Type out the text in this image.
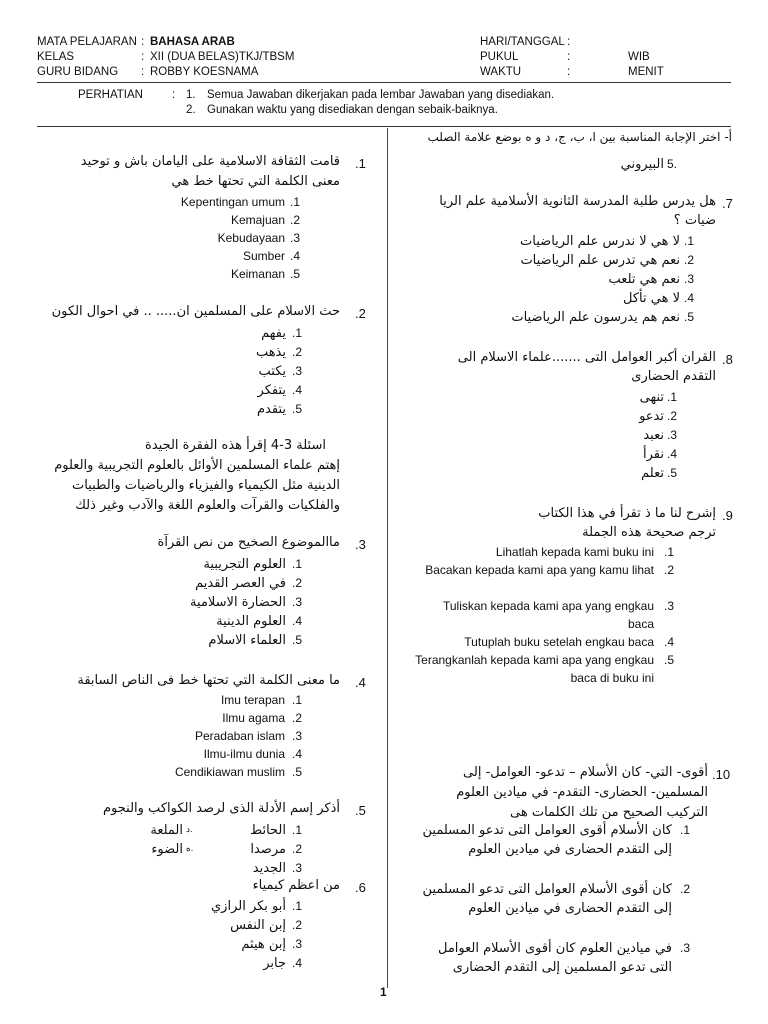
MATA PELAJARAN : BAHASA ARAB
KELAS	: XII (DUA BELAS)TKJ/TBSM
GURU BIDANG : ROBBY KOESNAMA
HARI/TANGGAL :
PUKUL	:	WIB
WAKTU	:	MENIT
PERHATIAN	: 1. Semua Jawaban dikerjakan pada lembar Jawaban yang disediakan.
2. Gunakan waktu yang disediakan dengan sebaik-baiknya.
أ- اختر الإجابة المناسبة بين ا، ب، ج، د و ه بوضع علامة الصلب
.1
قامت الثقافة الاسلامية على اليامان باش و توحيد
معنى الكلمة التي تحتها خط هي
Kepentingan umum .1
Kemajuan .2
Kebudayaan .3
Sumber .4
Keimanan .5
.2
حث الاسلام على المسلمين ان..... .. في احوال الكون
يفهم .1
يذهب .2
يكتب .3
يتفكر .4
يتقدم .5
اسئلة 3-4 إقرأ هذه الفقرة الجيدة
إهتم علماء المسلمين الأوائل بالعلوم التجريبية والعلوم
الدينية مثل الكيمياء والفيزياء والرياضيات والطبيات
والفلكيات والقرآت والعلوم اللغة والآدب وغير ذلك
.3
ماالموضوع الصخيح من نص القرآة
العلوم التجريبية .1
في العصر القديم .2
الحضارة الاسلامية .3
العلوم الدينية .4
العلماء الاسلام .5
.4
ما معنى الكلمة التي تحتها خط فى الناص السابقة
Imu terapan .1
Ilmu agama .2
Peradaban islam .3
Ilmu-ilmu dunia .4
Cendikiawan muslim .5
.5
أذكر إسم الأدلة الذى لرصد الكواكب والنجوم
الحائط .1
مرصدا .2
الجديد .3
الملعة د.
الضوء ه.
.6
من اعظم كيمياء
أبو بكر الرازي .1
إبن النفس .2
إبن هيثم .3
جابر .4
البيروني 5.
.7
هل يدرس طلبة المدرسة الثانوية الأسلامية علم الريا
ضيات ؟
لا هي لا ندرس علم الرياضيات .1
نعم هي تدرس علم الرياضيات .2
نعم هي تلعب .3
لا هي تأكل .4
نعم هم يدرسون علم الرياضيات .5
.8
القران أكبر العوامل التى .......علماء الاسلام الى
التقدم الحضارى
تنهى .1
تدعو .2
نعبد .3
نقرأ .4
تعلم .5
.9
إشرح لنا ما ذ تقرأ في هذا الكتاب
ترجم صحيحة هذه الجملة
Lihatlah kepada kami buku ini .1
Bacakan kepada kami apa yang kamu lihat .2
Tuliskan kepada kami apa yang engkau baca
.3
Tutuplah buku setelah engkau baca .4
Terangkanlah kepada kami apa yang engkau baca di buku ini
.5
.10
أقوى- التي- كان الأسلام – تدعو- العوامل- إلى
المسلمين- الحضارى- التقدم- في ميادين العلوم
التركيب الصحيح من تلك الكلمات هى
كان الأسلام أقوى العوامل التى تدعو المسلمين إلى التقدم الحضارى في ميادين العلوم
.1
كان أقوى الأسلام العوامل التى تدعو المسلمين إلى التقدم الحضارى في ميادين العلوم
.2
في ميادين العلوم كان أقوى الأسلام العوامل التى تدعو المسلمين إلى التقدم الحضارى
.3
1
